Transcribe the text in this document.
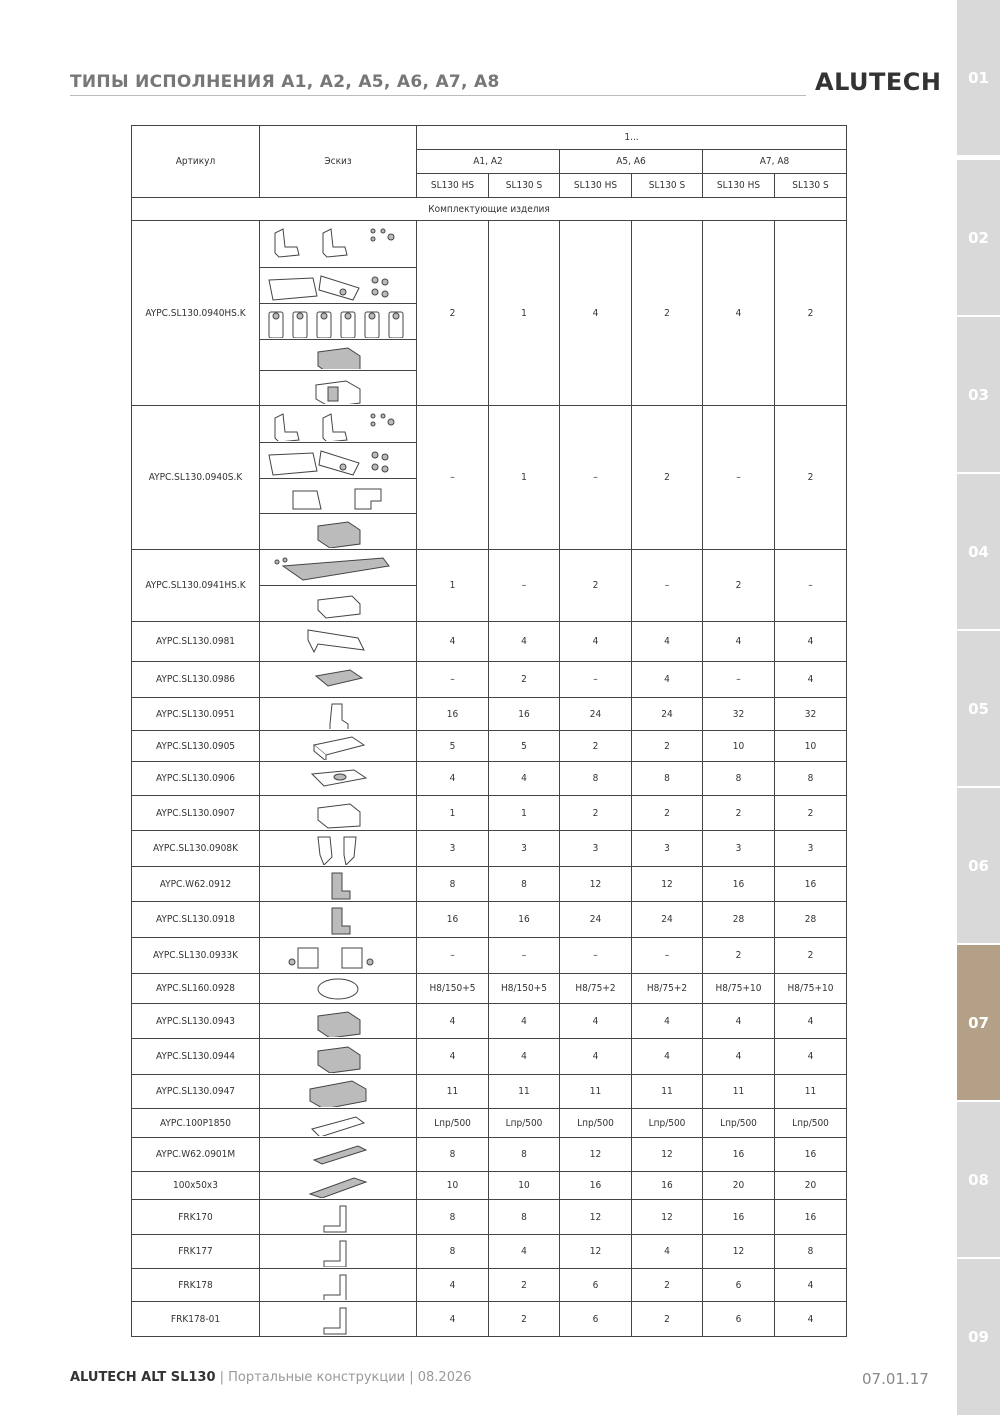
ТИПЫ ИСПОЛНЕНИЯ A1, A2, A5, A6, A7, A8	ALUTECH	01
02
03
04
05
06
07
08
09
Артикул	Эскиз	1...					
		A1, A2		A5, A6		A7, A8	
		SL130 HS	SL130 S	SL130 HS	SL130 S	SL130 HS	SL130 S
Комплектующие изделия							
AYPC.SL130.0940HS.K		2	1	4	2	4	2

AYPC.SL130.0940S.K		–	1	–	2	–	2

AYPC.SL130.0941HS.K		1	–	2	–	2	–

AYPC.SL130.0981		4	4	4	4	4	4
AYPC.SL130.0986		–	2	–	4	–	4
AYPC.SL130.0951		16	16	24	24	32	32
AYPC.SL130.0905		5	5	2	2	10	10
AYPC.SL130.0906		4	4	8	8	8	8
AYPC.SL130.0907		1	1	2	2	2	2
AYPC.SL130.0908K		3	3	3	3	3	3
AYPC.W62.0912		8	8	12	12	16	16
AYPC.SL130.0918		16	16	24	24	28	28
AYPC.SL130.0933K		–	–	–	–	2	2
AYPC.SL160.0928		H8/150+5	H8/150+5	H8/75+2	H8/75+2	H8/75+10	H8/75+10
AYPC.SL130.0943		4	4	4	4	4	4
AYPC.SL130.0944		4	4	4	4	4	4
AYPC.SL130.0947		11	11	11	11	11	11
AYPC.100P1850		Lпр/500	Lпр/500	Lпр/500	Lпр/500	Lпр/500	Lпр/500
AYPC.W62.0901M		8	8	12	12	16	16
100x50x3		10	10	16	16	20	20
FRK170		8	8	12	12	16	16
FRK177		8	4	12	4	12	8
FRK178		4	2	6	2	6	4
FRK178-01		4	2	6	2	6	4
ALUTECH ALT SL130 | Портальные конструкции | 08.2026	07.01.17
